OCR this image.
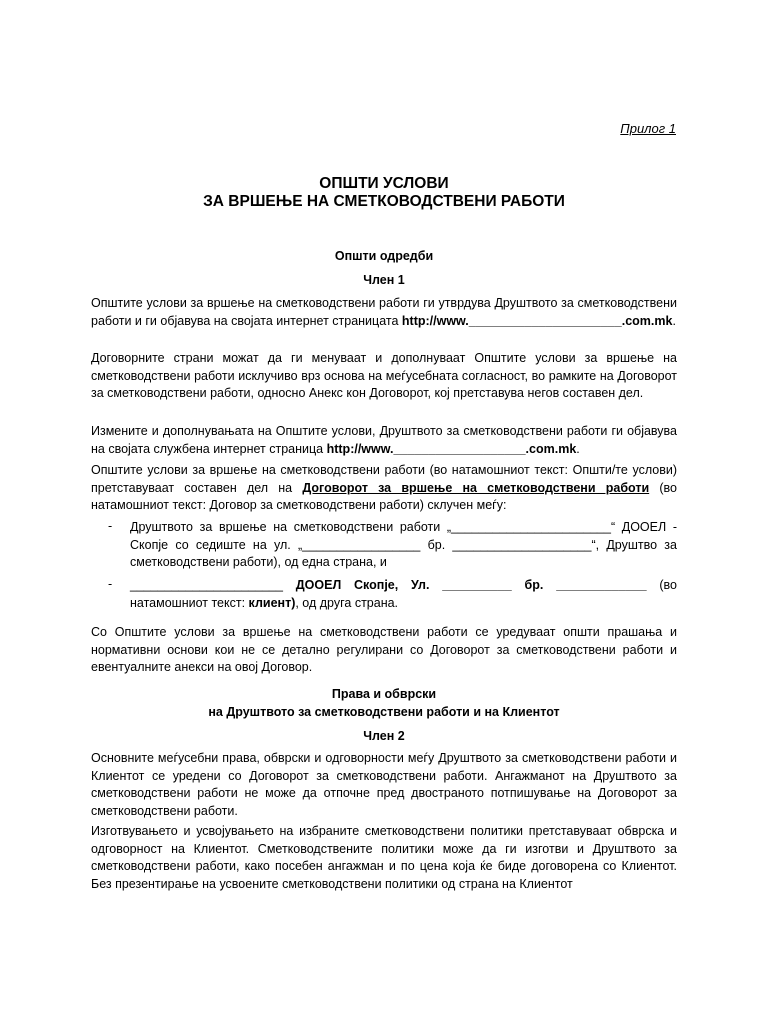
Прилог 1
ОПШТИ УСЛОВИ
ЗА ВРШЕЊЕ НА СМЕТКОВОДСТВЕНИ РАБОТИ
Општи одредби
Член 1
Општите услови за вршење на сметководствени работи ги утврдува Друштвото за сметководствени работи и ги објавува на својата интернет страницата http://www.______________________.com.mk.
Договорните страни можат да ги менуваат и дополнуваат Општите услови за вршење на сметководствени работи исклучиво врз основа на меѓусебната согласност, во рамките на Договорот за сметководствени работи, односно Анекс кон Договорот, кој претставува негов составен дел.
Измените и дополнувањата на Општите услови, Друштвото за сметководствени работи ги објавува на својата службена интернет страница http://www.___________________.com.mk.
Општите услови за вршење на сметководствени работи (во натамошниот текст: Општи/те услови) претставуваат составен дел на Договорот за вршење на сметководствени работи (во натамошниот текст: Договор за сметководствени работи) склучен меѓу:
- Друштвото за вршење на сметководствени работи „_______________________“ ДООЕЛ - Скопје со седиште на ул. „_________________ бр. ____________________“, Друштво за сметководствени работи), од една страна, и
- ______________________ ДООЕЛ Скопје, Ул. __________ бр. _____________ (во натамошниот текст: клиент), од друга страна.
Со Општите услови за вршење на сметководствени работи се уредуваат општи прашања и нормативни основи кои не се детално регулирани со Договорот за сметководствени работи и евентуалните анекси на овој Договор.
Права и обврски
на Друштвото за сметководствени работи и на Клиентот
Член 2
Основните меѓусебни права, обврски и одговорности меѓу Друштвото за сметководствени работи и Клиентот се уредени со Договорот за сметководствени работи. Ангажманот на Друштвото за сметководствени работи не може да отпочне пред двостраното потпишување на Договорот за сметководствени работи.
Изготвувањето и усвојувањето на избраните сметководствени политики претставуваат обврска и одговорност на Клиентот. Сметководствените политики може да ги изготви и Друштвото за сметководствени работи, како посебен ангажман и по цена која ќе биде договорена со Клиентот. Без презентирање на усвоените сметководствени политики од страна на Клиентот
